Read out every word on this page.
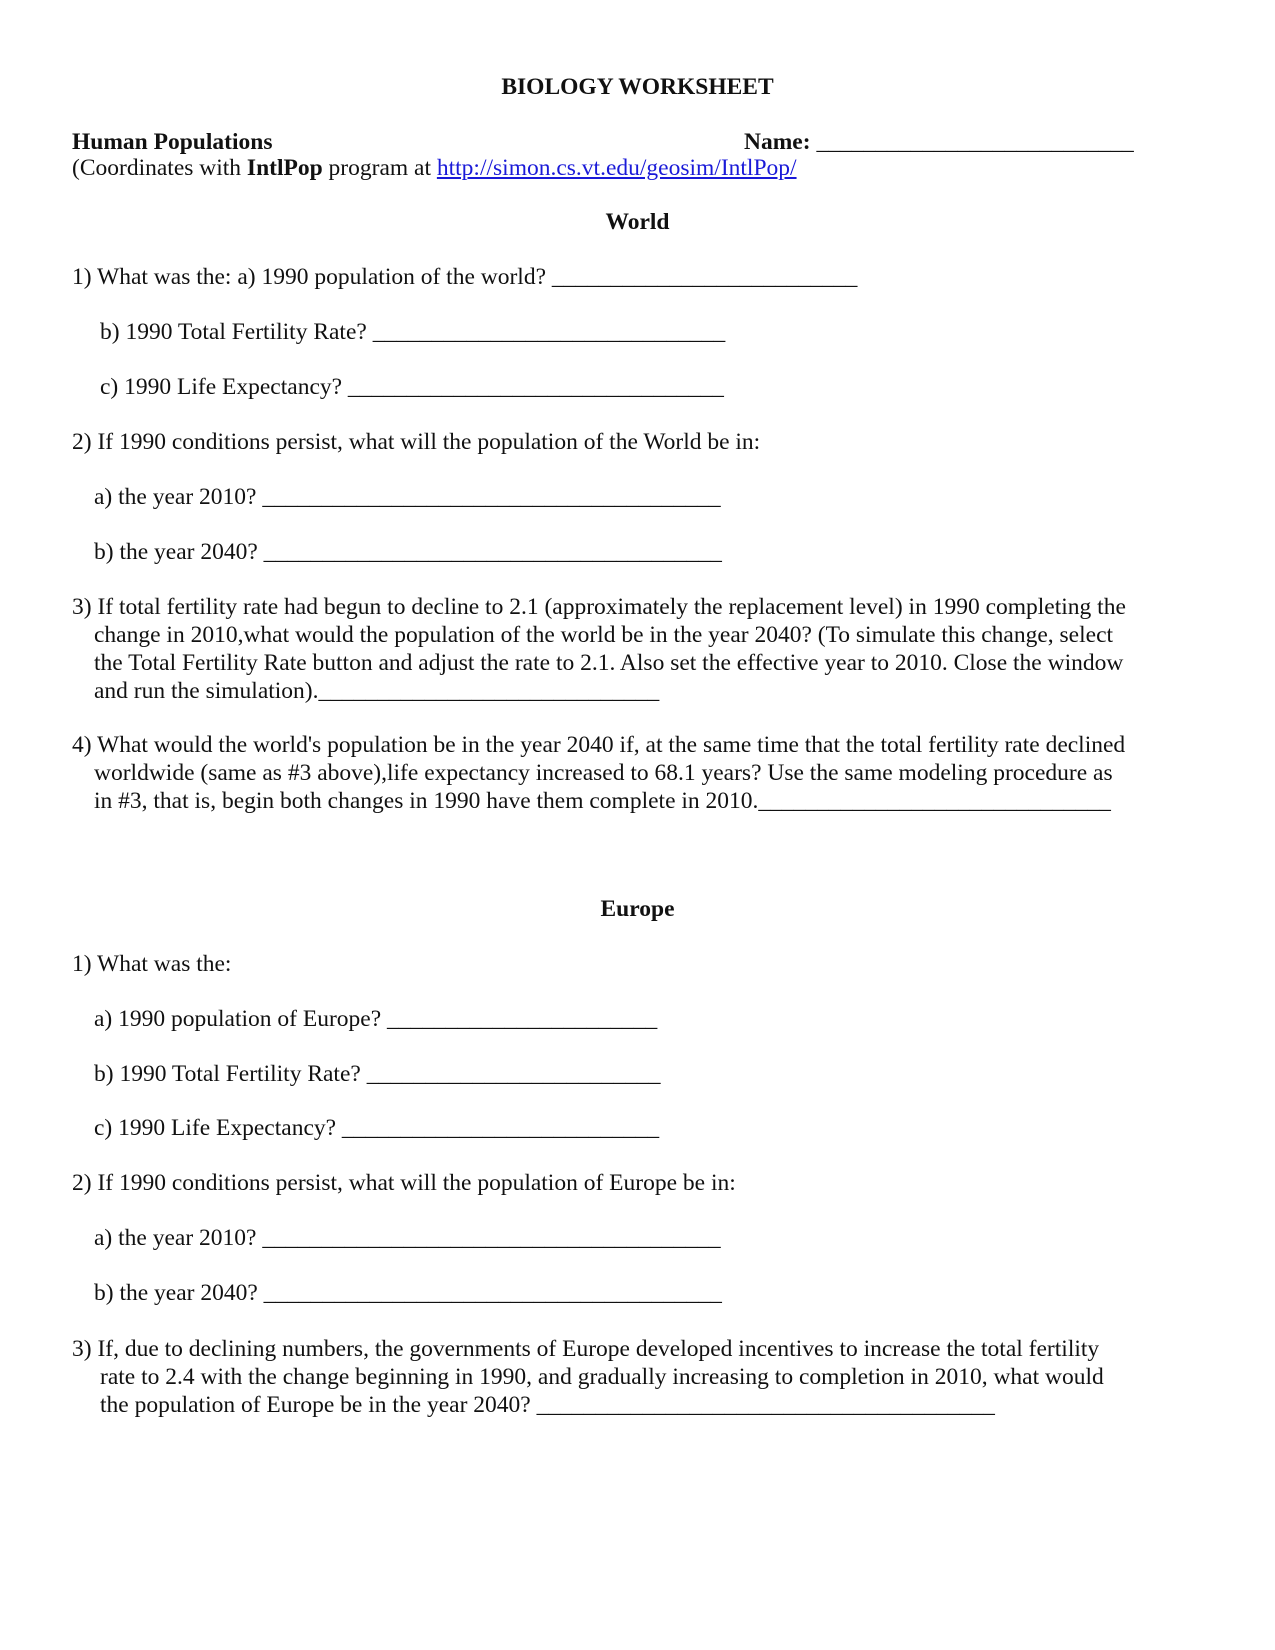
BIOLOGY WORKSHEET
Human Populations	Name: ___________________________
(Coordinates with IntlPop program at http://simon.cs.vt.edu/geosim/IntlPop/
World
1) What was the: a) 1990 population of the world? __________________________
b) 1990 Total Fertility Rate? ______________________________
c) 1990 Life Expectancy? ________________________________
2) If 1990 conditions persist, what will the population of the World be in:
a) the year 2010? _______________________________________
b) the year 2040? _______________________________________
3) If total fertility rate had begun to decline to 2.1 (approximately the replacement level) in 1990 completing the
change in 2010,what would the population of the world be in the year 2040? (To simulate this change, select
the Total Fertility Rate button and adjust the rate to 2.1. Also set the effective year to 2010. Close the window
and run the simulation)._____________________________
4) What would the world's population be in the year 2040 if, at the same time that the total fertility rate declined
worldwide (same as #3 above),life expectancy increased to 68.1 years? Use the same modeling procedure as
in #3, that is, begin both changes in 1990 have them complete in 2010.______________________________
Europe
1) What was the:
a) 1990 population of Europe? _______________________
b) 1990 Total Fertility Rate? _________________________
c) 1990 Life Expectancy? ___________________________
2) If 1990 conditions persist, what will the population of Europe be in:
a) the year 2010? _______________________________________
b) the year 2040? _______________________________________
3) If, due to declining numbers, the governments of Europe developed incentives to increase the total fertility
rate to 2.4 with the change beginning in 1990, and gradually increasing to completion in 2010, what would
the population of Europe be in the year 2040? _______________________________________
